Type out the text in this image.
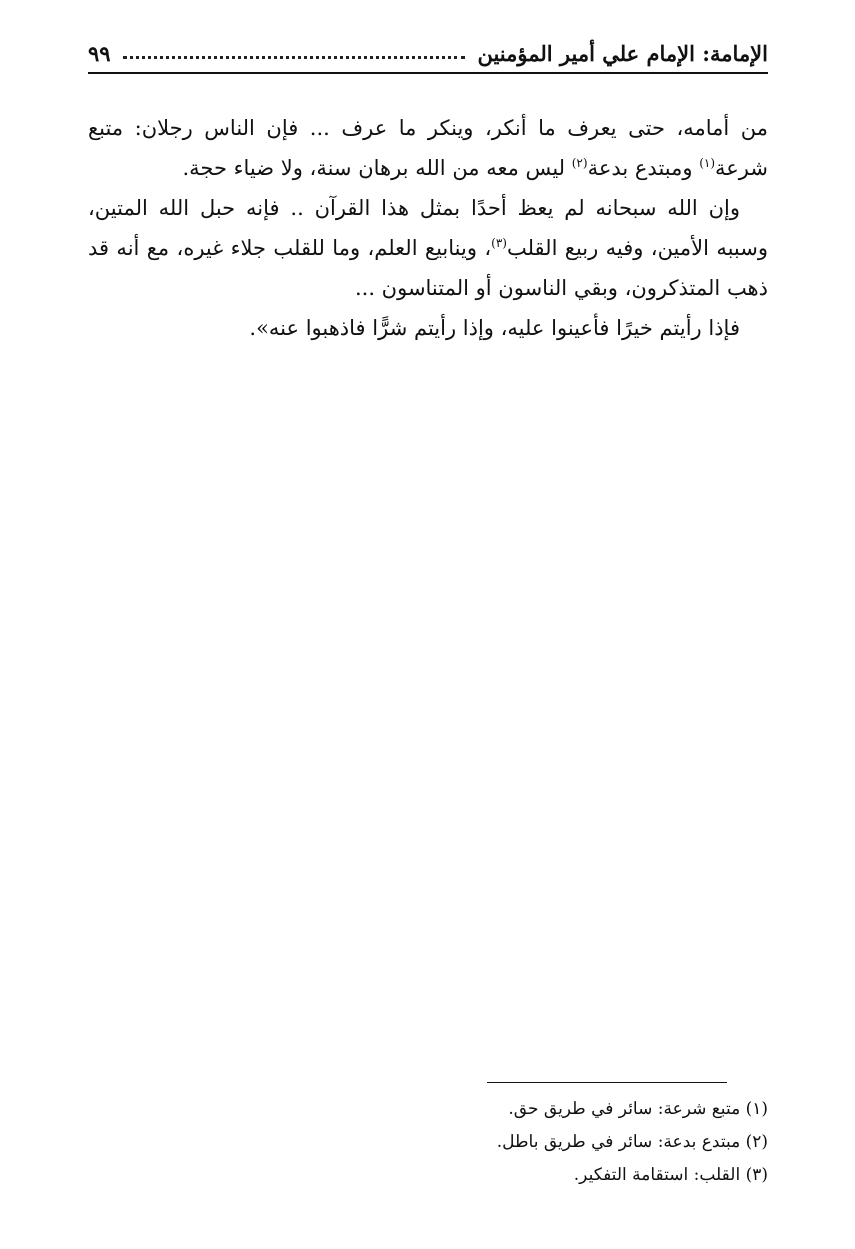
الإمامة: الإمام علي أمير المؤمنين
٩٩

من أمامه، حتى يعرف ما أنكر، وينكر ما عرف ... فإن الناس رجلان: متبع شرعة$^{(١)}$ ومبتدع بدعة$^{(٢)}$ ليس معه من الله برهان سنة، ولا ضياء حجة.

وإن الله سبحانه لم يعظ أحدًا بمثل هذا القرآن .. فإنه حبل الله المتين، وسببه الأمين، وفيه ربيع القلب$^{(٣)}$، وينابيع العلم، وما للقلب جلاء غيره، مع أنه قد ذهب المتذكرون، وبقي الناسون أو المتناسون ...

فإذا رأيتم خيرًا فأعينوا عليه، وإذا رأيتم شرًّا فاذهبوا عنه».

(١) متبع شرعة: سائر في طريق حق.

(٢) مبتدع بدعة: سائر في طريق باطل.

(٣) القلب: استقامة التفكير.
